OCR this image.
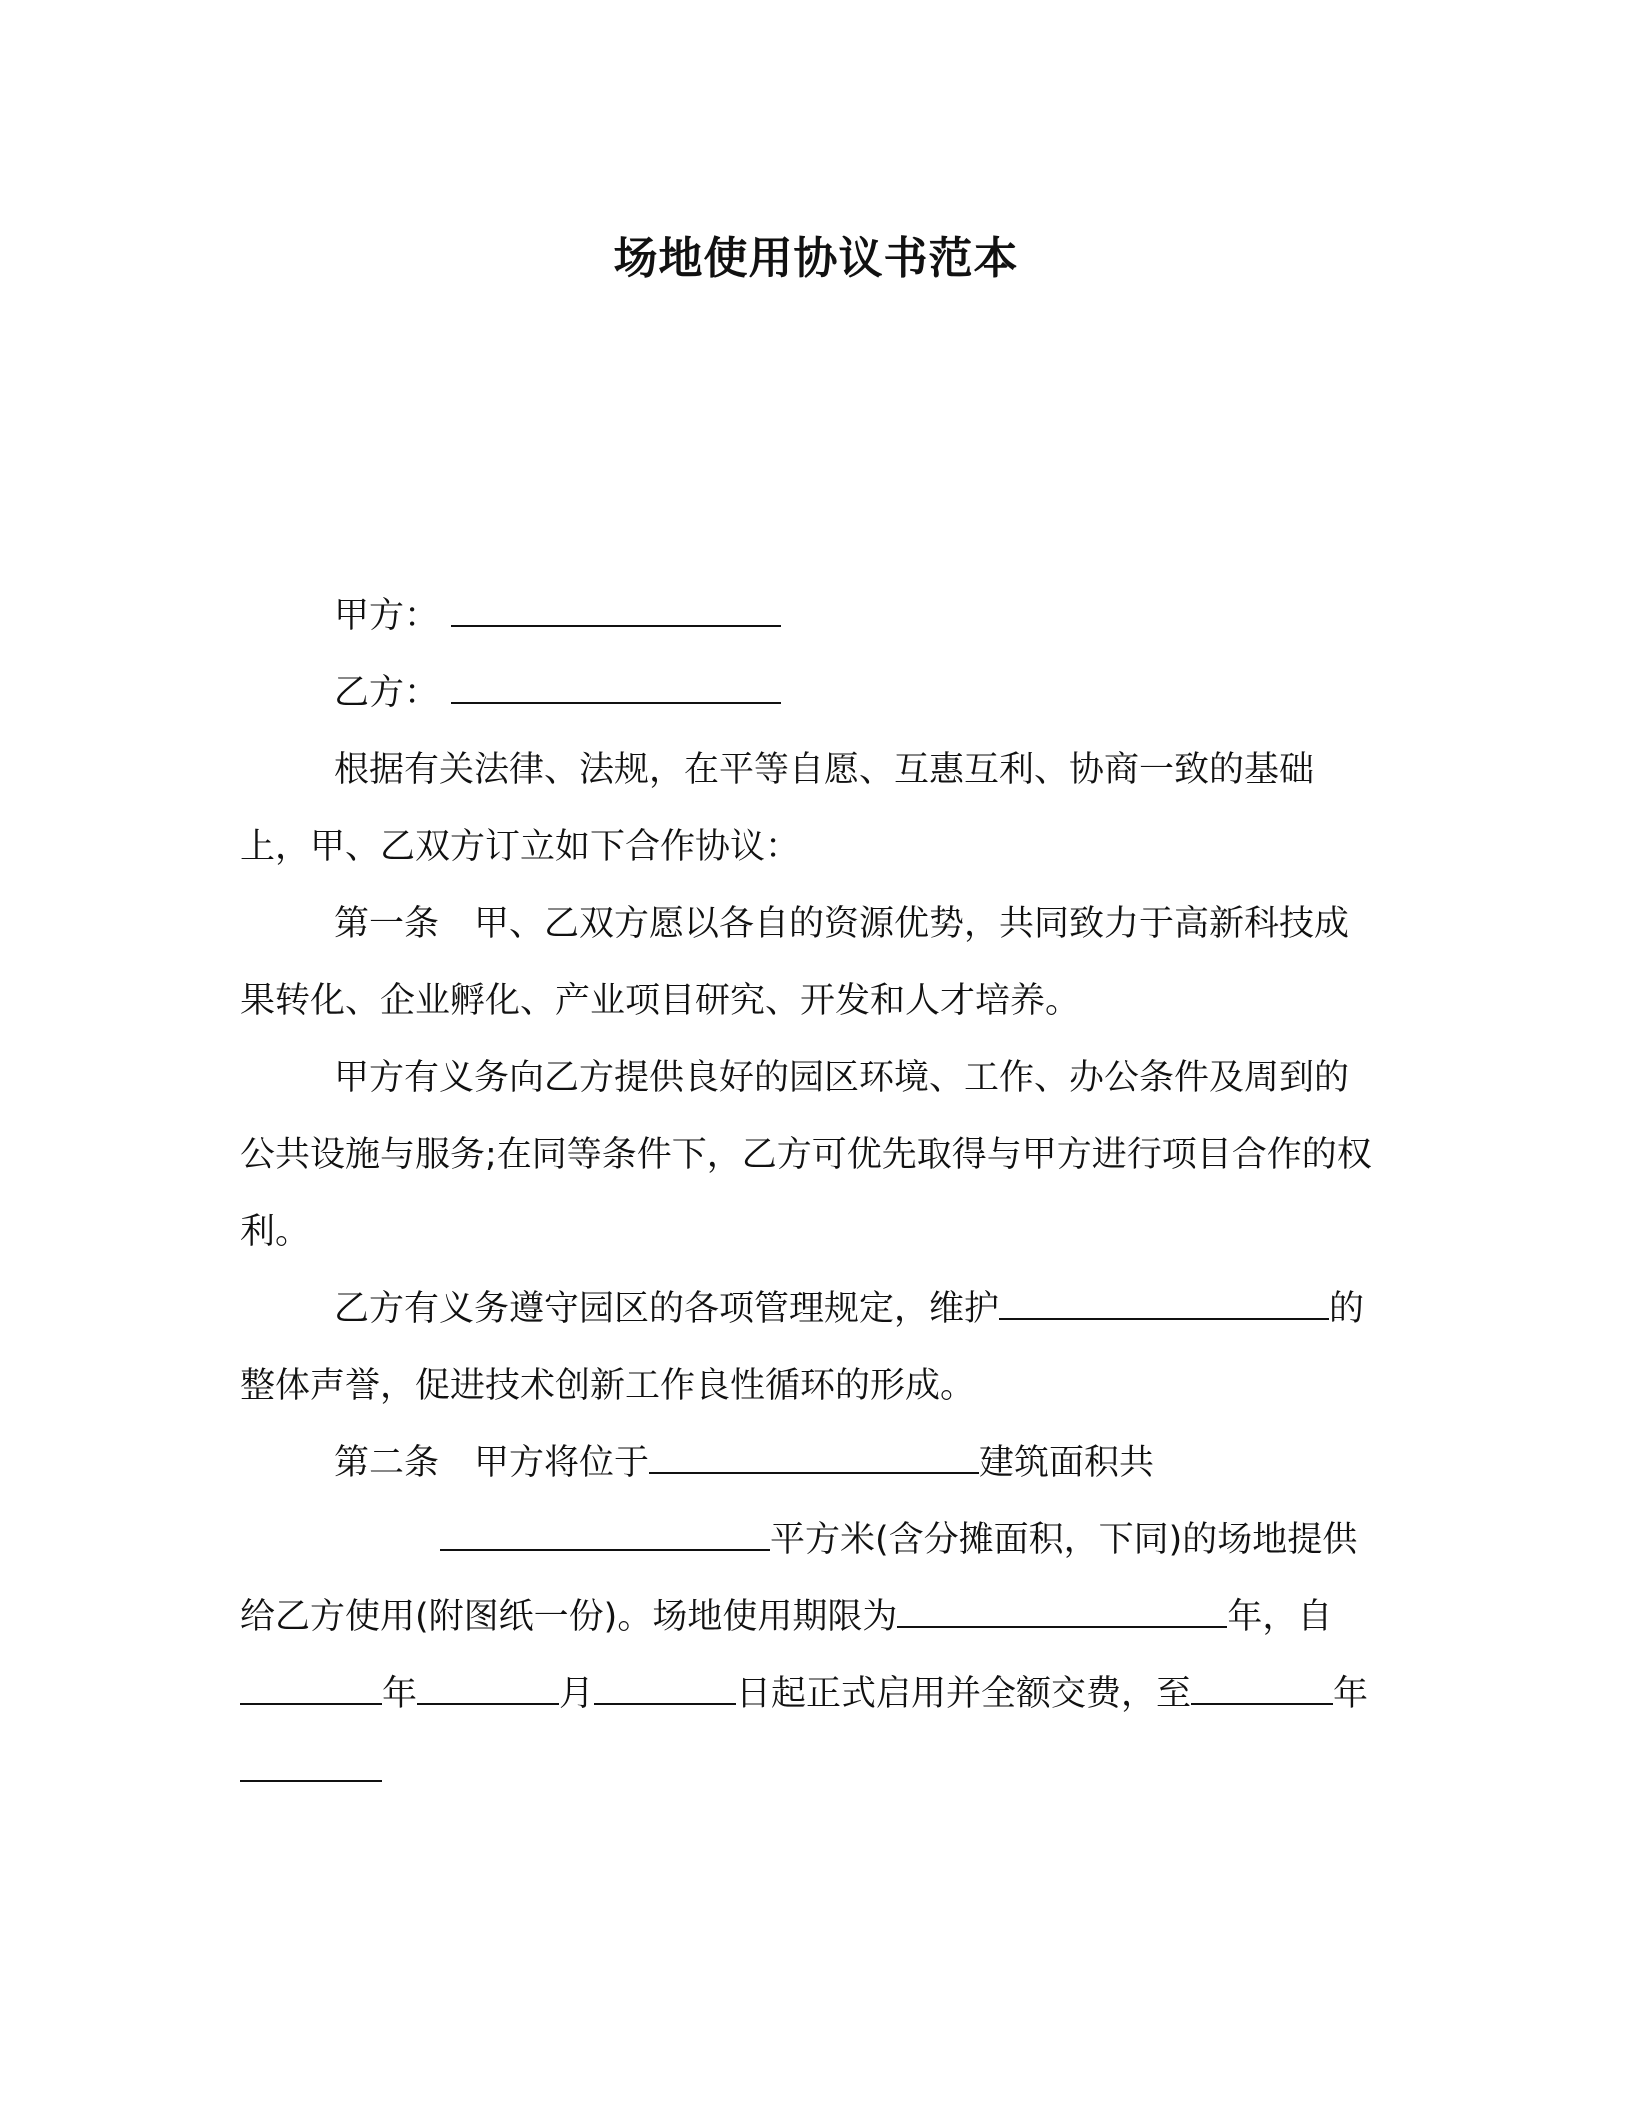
场地使用协议书范本

甲方：

乙方：

根据有关法律、法规，在平等自愿、互惠互利、协商一致的基础上，甲、乙双方订立如下合作协议：

第一条　甲、乙双方愿以各自的资源优势，共同致力于高新科技成果转化、企业孵化、产业项目研究、开发和人才培养。

甲方有义务向乙方提供良好的园区环境、工作、办公条件及周到的公共设施与服务;在同等条件下，乙方可优先取得与甲方进行项目合作的权利。

乙方有义务遵守园区的各项管理规定，维护	的整体声誉，促进技术创新工作良性循环的形成。

第二条　甲方将位于	建筑面积共平方米(含分摊面积，下同)的场地提供给乙方使用(附图纸一份)。场地使用期限为	年，自年	月	日起正式启用并全额交费，至	年
